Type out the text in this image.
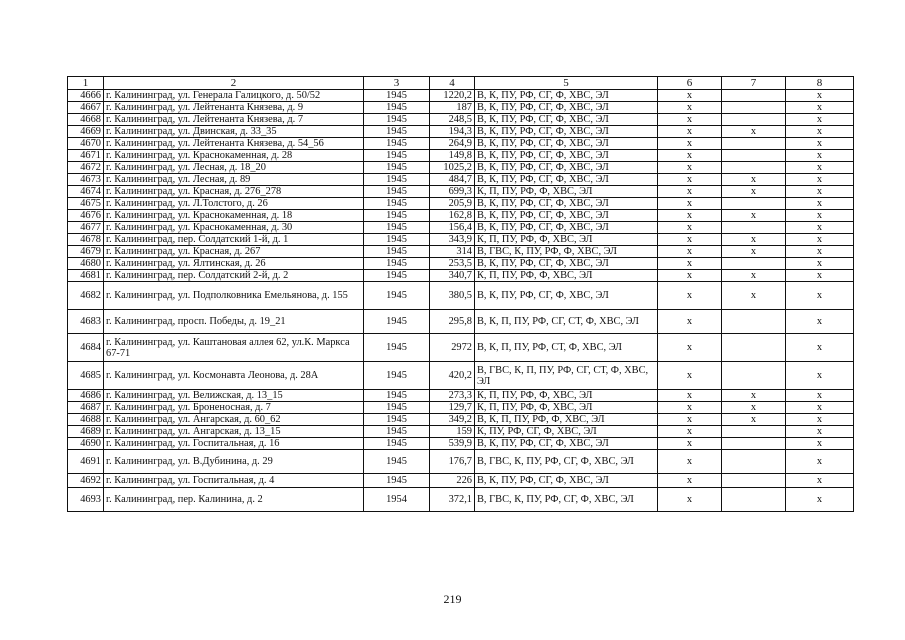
1	2	3	4	5	6	7	8
4666	г. Калининград, ул. Генерала Галицкого, д. 50/52	1945	1220,2	В, К, ПУ, РФ, СГ, Ф, ХВС, ЭЛ	х		х
4667	г. Калининград, ул. Лейтенанта Князева, д. 9	1945	187	В, К, ПУ, РФ, СГ, Ф, ХВС, ЭЛ	х		х
4668	г. Калининград, ул. Лейтенанта Князева, д. 7	1945	248,5	В, К, ПУ, РФ, СГ, Ф, ХВС, ЭЛ	х		х
4669	г. Калининград, ул. Двинская, д. 33_35	1945	194,3	В, К, ПУ, РФ, СГ, Ф, ХВС, ЭЛ	х	х	х
4670	г. Калининград, ул. Лейтенанта Князева, д. 54_56	1945	264,9	В, К, ПУ, РФ, СГ, Ф, ХВС, ЭЛ	х		х
4671	г. Калининград, ул. Краснокаменная, д. 28	1945	149,8	В, К, ПУ, РФ, СГ, Ф, ХВС, ЭЛ	х		х
4672	г. Калининград, ул. Лесная, д. 18_20	1945	1025,2	В, К, ПУ, РФ, СГ, Ф, ХВС, ЭЛ	х		х
4673	г. Калининград, ул. Лесная, д. 89	1945	484,7	В, К, ПУ, РФ, СГ, Ф, ХВС, ЭЛ	х	х	х
4674	г. Калининград, ул. Красная, д. 276_278	1945	699,3	К, П, ПУ, РФ, Ф, ХВС, ЭЛ	х	х	х
4675	г. Калининград, ул. Л.Толстого, д. 26	1945	205,9	В, К, ПУ, РФ, СГ, Ф, ХВС, ЭЛ	х		х
4676	г. Калининград, ул. Краснокаменная, д. 18	1945	162,8	В, К, ПУ, РФ, СГ, Ф, ХВС, ЭЛ	х	х	х
4677	г. Калининград, ул. Краснокаменная, д. 30	1945	156,4	В, К, ПУ, РФ, СГ, Ф, ХВС, ЭЛ	х		х
4678	г. Калининград, пер. Солдатский 1-й, д. 1	1945	343,9	К, П, ПУ, РФ, Ф, ХВС, ЭЛ	х	х	х
4679	г. Калининград, ул. Красная, д. 267	1945	314	В, ГВС, К, ПУ, РФ, Ф, ХВС, ЭЛ	х	х	х
4680	г. Калининград, ул. Ялтинская, д. 26	1945	253,5	В, К, ПУ, РФ, СГ, Ф, ХВС, ЭЛ	х		х
4681	г. Калининград, пер. Солдатский 2-й, д. 2	1945	340,7	К, П, ПУ, РФ, Ф, ХВС, ЭЛ	х	х	х
4682	г. Калининград, ул. Подполковника Емельянова, д. 155	1945	380,5	В, К, ПУ, РФ, СГ, Ф, ХВС, ЭЛ	х	х	х
4683	г. Калининград, просп. Победы, д. 19_21	1945	295,8	В, К, П, ПУ, РФ, СГ, СТ, Ф, ХВС, ЭЛ	х		х
4684	г. Калининград, ул. Каштановая аллея 62, ул.К. Маркса 67-71	1945	2972	В, К, П, ПУ, РФ, СТ, Ф, ХВС, ЭЛ	х		х
4685	г. Калининград, ул. Космонавта Леонова, д. 28А	1945	420,2	В, ГВС, К, П, ПУ, РФ, СГ, СТ, Ф, ХВС, ЭЛ	х		х
4686	г. Калининград, ул. Велижская, д. 13_15	1945	273,3	К, П, ПУ, РФ, Ф, ХВС, ЭЛ	х	х	х
4687	г. Калининград, ул. Броненосная, д. 7	1945	129,7	К, П, ПУ, РФ, Ф, ХВС, ЭЛ	х	х	х
4688	г. Калининград, ул. Ангарская, д. 60_62	1945	349,2	В, К, П, ПУ, РФ, Ф, ХВС, ЭЛ	х	х	х
4689	г. Калининград, ул. Ангарская, д. 13_15	1945	159	К, ПУ, РФ, СГ, Ф, ХВС, ЭЛ	х		х
4690	г. Калининград, ул. Госпитальная, д. 16	1945	539,9	В, К, ПУ, РФ, СГ, Ф, ХВС, ЭЛ	х		х
4691	г. Калининград, ул. В.Дубинина, д. 29	1945	176,7	В, ГВС, К, ПУ, РФ, СГ, Ф, ХВС, ЭЛ	х		х
4692	г. Калининград, ул. Госпитальная, д. 4	1945	226	В, К, ПУ, РФ, СГ, Ф, ХВС, ЭЛ	х		х
4693	г. Калининград, пер. Калинина, д. 2	1954	372,1	В, ГВС, К, ПУ, РФ, СГ, Ф, ХВС, ЭЛ	х		х
219
